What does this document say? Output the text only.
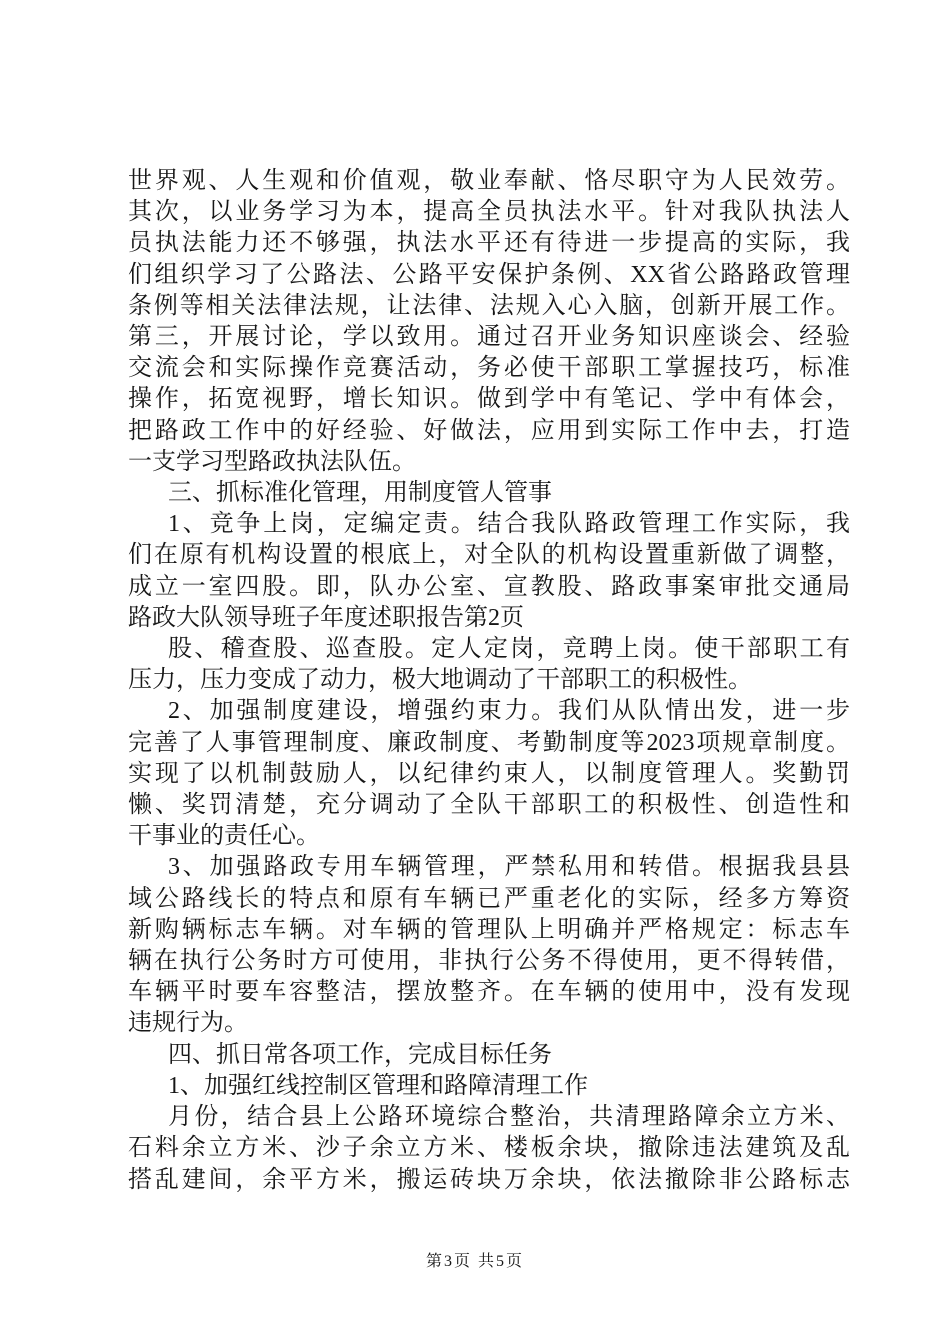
世界观、人生观和价值观，敬业奉献、恪尽职守为人民效劳。
其次，以业务学习为本，提高全员执法水平。针对我队执法人
员执法能力还不够强，执法水平还有待进一步提高的实际，我
们组织学习了公路法、公路平安保护条例、XX省公路路政管理
条例等相关法律法规，让法律、法规入心入脑，创新开展工作。
第三，开展讨论，学以致用。通过召开业务知识座谈会、经验
交流会和实际操作竞赛活动，务必使干部职工掌握技巧，标准
操作，拓宽视野，增长知识。做到学中有笔记、学中有体会，
把路政工作中的好经验、好做法，应用到实际工作中去，打造
一支学习型路政执法队伍。
三、抓标准化管理，用制度管人管事
1、竞争上岗，定编定责。结合我队路政管理工作实际，我
们在原有机构设置的根底上，对全队的机构设置重新做了调整，
成立一室四股。即，队办公室、宣教股、路政事案审批交通局
路政大队领导班子年度述职报告第2页
股、稽查股、巡查股。定人定岗，竞聘上岗。使干部职工有
压力，压力变成了动力，极大地调动了干部职工的积极性。
2、加强制度建设，增强约束力。我们从队情出发，进一步
完善了人事管理制度、廉政制度、考勤制度等2023项规章制度。
实现了以机制鼓励人，以纪律约束人，以制度管理人。奖勤罚
懒、奖罚清楚，充分调动了全队干部职工的积极性、创造性和
干事业的责任心。
3、加强路政专用车辆管理，严禁私用和转借。根据我县县
域公路线长的特点和原有车辆已严重老化的实际，经多方筹资
新购辆标志车辆。对车辆的管理队上明确并严格规定：标志车
辆在执行公务时方可使用，非执行公务不得使用，更不得转借，
车辆平时要车容整洁，摆放整齐。在车辆的使用中，没有发现
违规行为。
四、抓日常各项工作，完成目标任务
1、加强红线控制区管理和路障清理工作
月份，结合县上公路环境综合整治，共清理路障余立方米、
石料余立方米、沙子余立方米、楼板余块，撤除违法建筑及乱
搭乱建间，余平方米，搬运砖块万余块，依法撤除非公路标志
第3页 共5页
